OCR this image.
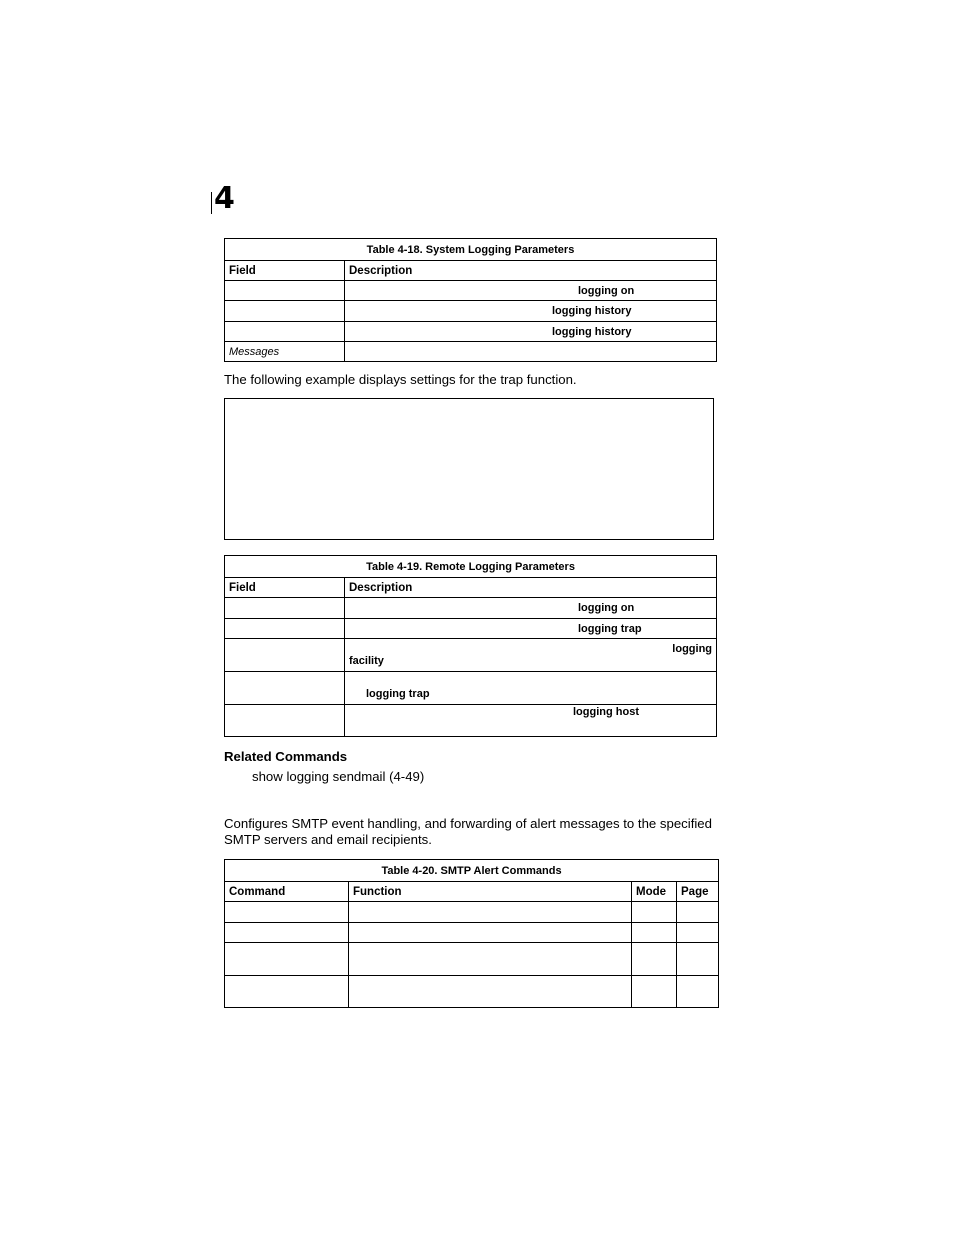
4
Table 4-18. System Logging Parameters	
Field	Description
	logging on
	logging history
	logging history
Messages	

The following example displays settings for the trap function.

Table 4-19. Remote Logging Parameters	
Field	Description
	logging on
	logging trap

	logging
facility

	logging trap
	logging host

Related Commands

show logging sendmail (4-49)

Configures SMTP event handling, and forwarding of alert messages to the specified SMTP servers and email recipients.

Table 4-20. SMTP Alert Commands			
Command	Function	Mode	Page
